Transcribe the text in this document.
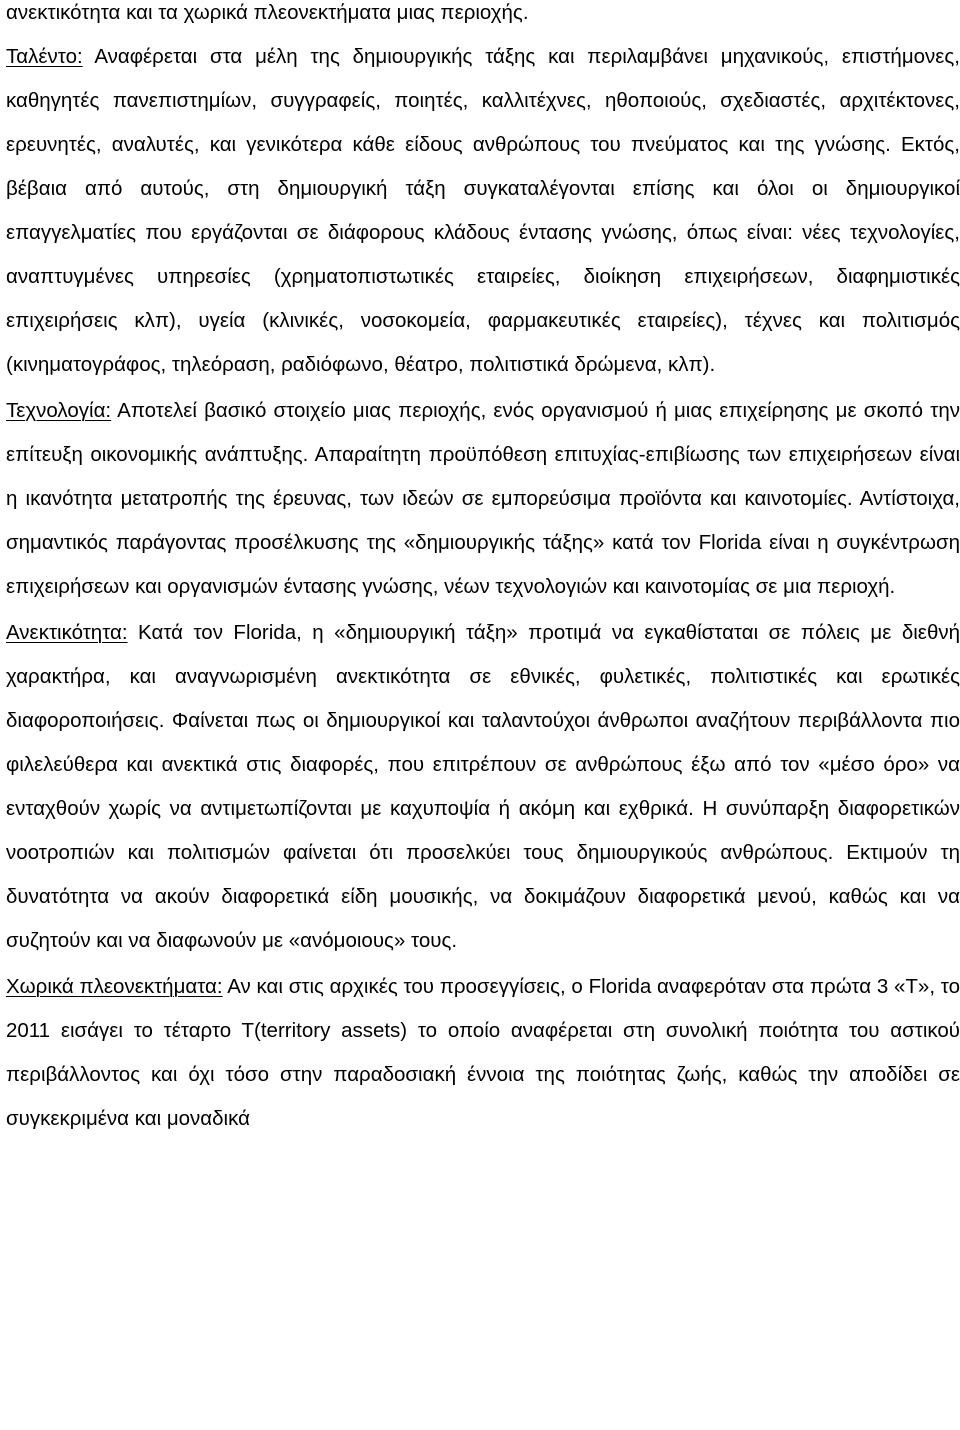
ανεκτικότητα και τα χωρικά πλεονεκτήματα μιας περιοχής.

Ταλέντο: Αναφέρεται στα μέλη της δημιουργικής τάξης και περιλαμβάνει μηχανικούς, επιστήμονες, καθηγητές πανεπιστημίων, συγγραφείς, ποιητές, καλλιτέχνες, ηθοποιούς, σχεδιαστές, αρχιτέκτονες, ερευνητές, αναλυτές, και γενικότερα κάθε είδους ανθρώπους του πνεύματος και της γνώσης. Εκτός, βέβαια από αυτούς, στη δημιουργική τάξη συγκαταλέγονται επίσης και όλοι οι δημιουργικοί επαγγελματίες που εργάζονται σε διάφορους κλάδους έντασης γνώσης, όπως είναι: νέες τεχνολογίες, αναπτυγμένες υπηρεσίες (χρηματοπιστωτικές εταιρείες, διοίκηση επιχειρήσεων, διαφημιστικές επιχειρήσεις κλπ), υγεία (κλινικές, νοσοκομεία, φαρμακευτικές εταιρείες), τέχνες και πολιτισμός (κινηματογράφος, τηλεόραση, ραδιόφωνο, θέατρο, πολιτιστικά δρώμενα, κλπ).

Τεχνολογία: Αποτελεί βασικό στοιχείο μιας περιοχής, ενός οργανισμού ή μιας επιχείρησης με σκοπό την επίτευξη οικονομικής ανάπτυξης. Απαραίτητη προϋπόθεση επιτυχίας-επιβίωσης των επιχειρήσεων είναι η ικανότητα μετατροπής της έρευνας, των ιδεών σε εμπορεύσιμα προϊόντα και καινοτομίες. Αντίστοιχα, σημαντικός παράγοντας προσέλκυσης της «δημιουργικής τάξης» κατά τον Florida είναι η συγκέντρωση επιχειρήσεων και οργανισμών έντασης γνώσης, νέων τεχνολογιών και καινοτομίας σε μια περιοχή.

Ανεκτικότητα: Κατά τον Florida, η «δημιουργική τάξη» προτιμά να εγκαθίσταται σε πόλεις με διεθνή χαρακτήρα, και αναγνωρισμένη ανεκτικότητα σε εθνικές, φυλετικές, πολιτιστικές και ερωτικές διαφοροποιήσεις. Φαίνεται πως οι δημιουργικοί και ταλαντούχοι άνθρωποι αναζήτουν περιβάλλοντα πιο φιλελεύθερα και ανεκτικά στις διαφορές, που επιτρέπουν σε ανθρώπους έξω από τον «μέσο όρο» να ενταχθούν χωρίς να αντιμετωπίζονται με καχυποψία ή ακόμη και εχθρικά. Η συνύπαρξη διαφορετικών νοοτροπιών και πολιτισμών φαίνεται ότι προσελκύει τους δημιουργικούς ανθρώπους. Εκτιμούν τη δυνατότητα να ακούν διαφορετικά είδη μουσικής, να δοκιμάζουν διαφορετικά μενού, καθώς και να συζητούν και να διαφωνούν με «ανόμοιους» τους.

Χωρικά πλεονεκτήματα: Αν και στις αρχικές του προσεγγίσεις, ο Florida αναφερόταν στα πρώτα 3 «Τ», το 2011 εισάγει το τέταρτο Τ(territory assets) το οποίο αναφέρεται στη συνολική ποιότητα του αστικού περιβάλλοντος και όχι τόσο στην παραδοσιακή έννοια της ποιότητας ζωής, καθώς την αποδίδει σε συγκεκριμένα και μοναδικά
